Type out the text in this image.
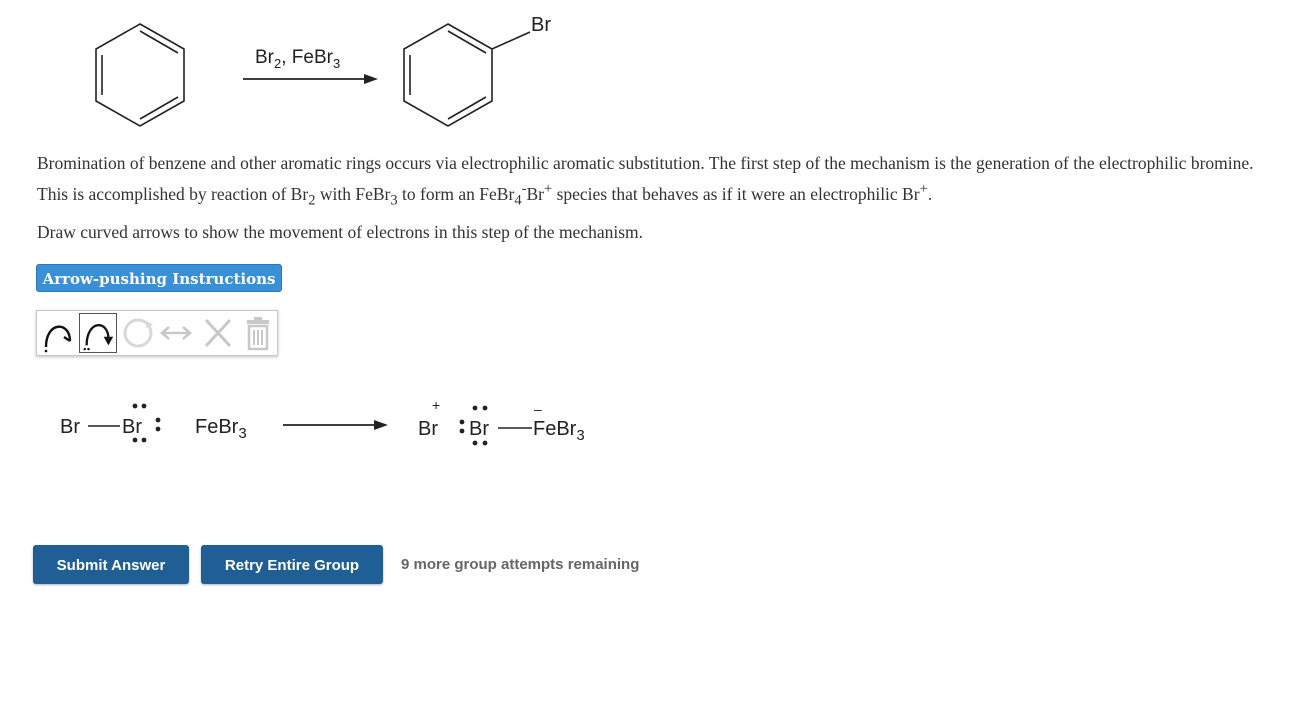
$Br_2$, FeBr$_3$
Br

Bromination of benzene and other aromatic rings occurs via electrophilic aromatic substitution. The first step of the mechanism is the generation of the electrophilic bromine. This is accomplished by reaction of $Br_2$ with FeBr$_3$ to form an FeBr$_4$-Br+ species that behaves as if it were an electrophilic Br+.

Draw curved arrows to show the movement of electrons in this step of the mechanism.

Arrow-pushing Instructions
Br Br	FeBr$_3$
+
Br Br
–
FeBr$_3$
Submit Answer	Retry Entire Group	9 more group attempts remaining
